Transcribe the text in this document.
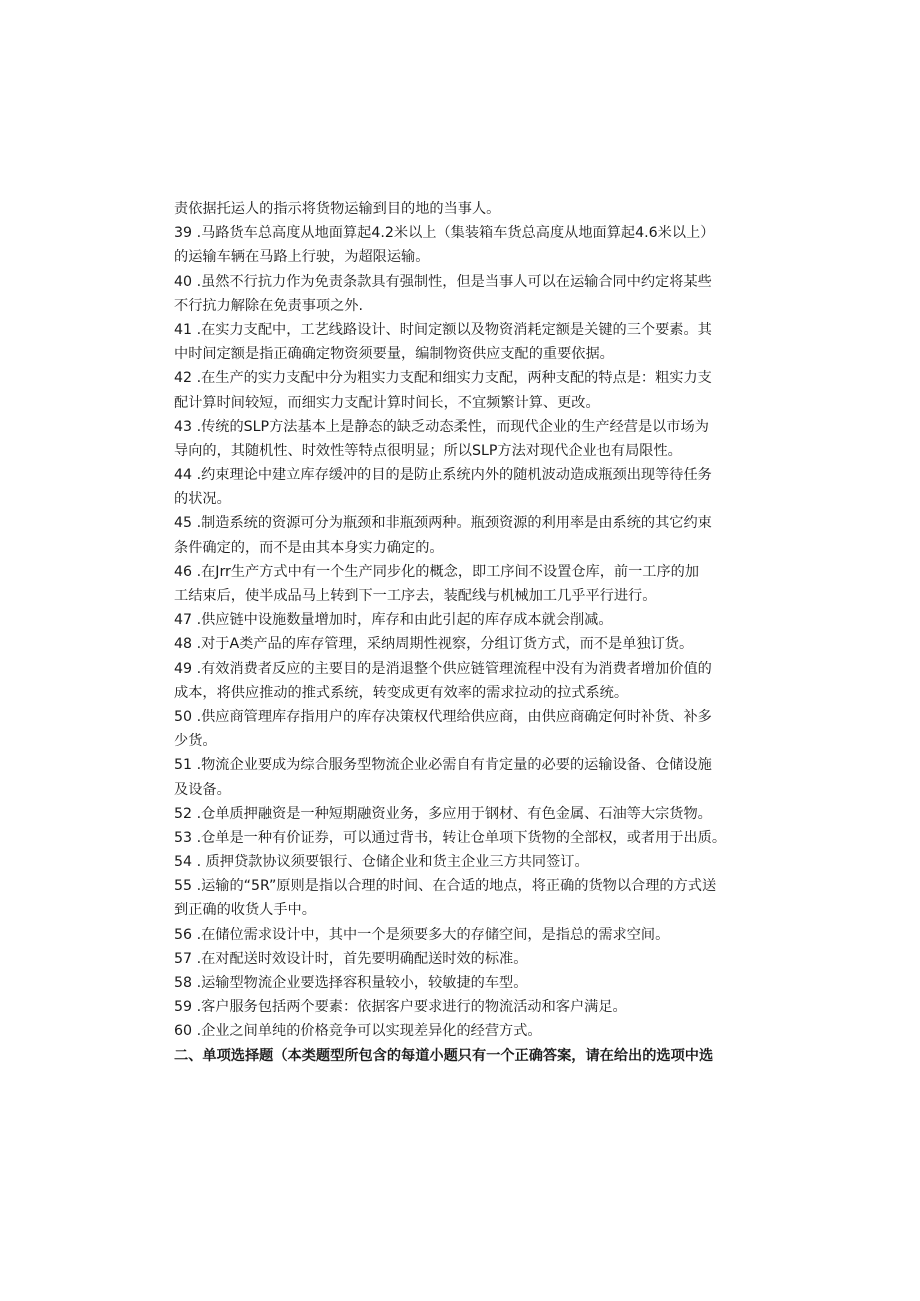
责依据托运人的指示将货物运输到目的地的当事人。
39 .马路货车总高度从地面算起4.2米以上（集装箱车货总高度从地面算起4.6米以上）
的运输车辆在马路上行驶，为超限运输。
40 .虽然不行抗力作为免责条款具有强制性，但是当事人可以在运输合同中约定将某些
不行抗力解除在免责事项之外.
41 .在实力支配中，工艺线路设计、时间定额以及物资消耗定额是关键的三个要素。其
中时间定额是指正确确定物资须要量，编制物资供应支配的重要依据。
42 .在生产的实力支配中分为粗实力支配和细实力支配，两种支配的特点是：粗实力支
配计算时间较短，而细实力支配计算时间长，不宜频繁计算、更改。
43 .传统的SLP方法基本上是静态的缺乏动态柔性，而现代企业的生产经营是以市场为
导向的，其随机性、时效性等特点很明显；所以SLP方法对现代企业也有局限性。
44 .约束理论中建立库存缓冲的目的是防止系统内外的随机波动造成瓶颈出现等待任务
的状况。
45 .制造系统的资源可分为瓶颈和非瓶颈两种。瓶颈资源的利用率是由系统的其它约束
条件确定的，而不是由其本身实力确定的。
46 .在Jrr生产方式中有一个生产同步化的概念，即工序间不设置仓库，前一工序的加
工结束后，使半成品马上转到下一工序去，装配线与机械加工几乎平行进行。
47 .供应链中设施数量增加时，库存和由此引起的库存成本就会削减。
48 .对于A类产品的库存管理，采纳周期性视察，分组订货方式，而不是单独订货。
49 .有效消费者反应的主要目的是消退整个供应链管理流程中没有为消费者增加价值的
成本，将供应推动的推式系统，转变成更有效率的需求拉动的拉式系统。
50 .供应商管理库存指用户的库存决策权代理给供应商，由供应商确定何时补货、补多
少货。
51 .物流企业要成为综合服务型物流企业必需自有肯定量的必要的运输设备、仓储设施
及设备。
52 .仓单质押融资是一种短期融资业务，多应用于钢材、有色金属、石油等大宗货物。
53 .仓单是一种有价证券，可以通过背书，转让仓单项下货物的全部权，或者用于出质。
54 . 质押贷款协议须要银行、仓储企业和货主企业三方共同签订。
55 .运输的“5R”原则是指以合理的时间、在合适的地点，将正确的货物以合理的方式送
到正确的收货人手中。
56 .在储位需求设计中，其中一个是须要多大的存储空间，是指总的需求空间。
57 .在对配送时效设计时，首先要明确配送时效的标准。
58 .运输型物流企业要选择容积量较小，较敏捷的车型。
59 .客户服务包括两个要素：依据客户要求进行的物流活动和客户满足。
60 .企业之间单纯的价格竞争可以实现差异化的经营方式。
二、单项选择题（本类题型所包含的每道小题只有一个正确答案，请在给出的选项中选
